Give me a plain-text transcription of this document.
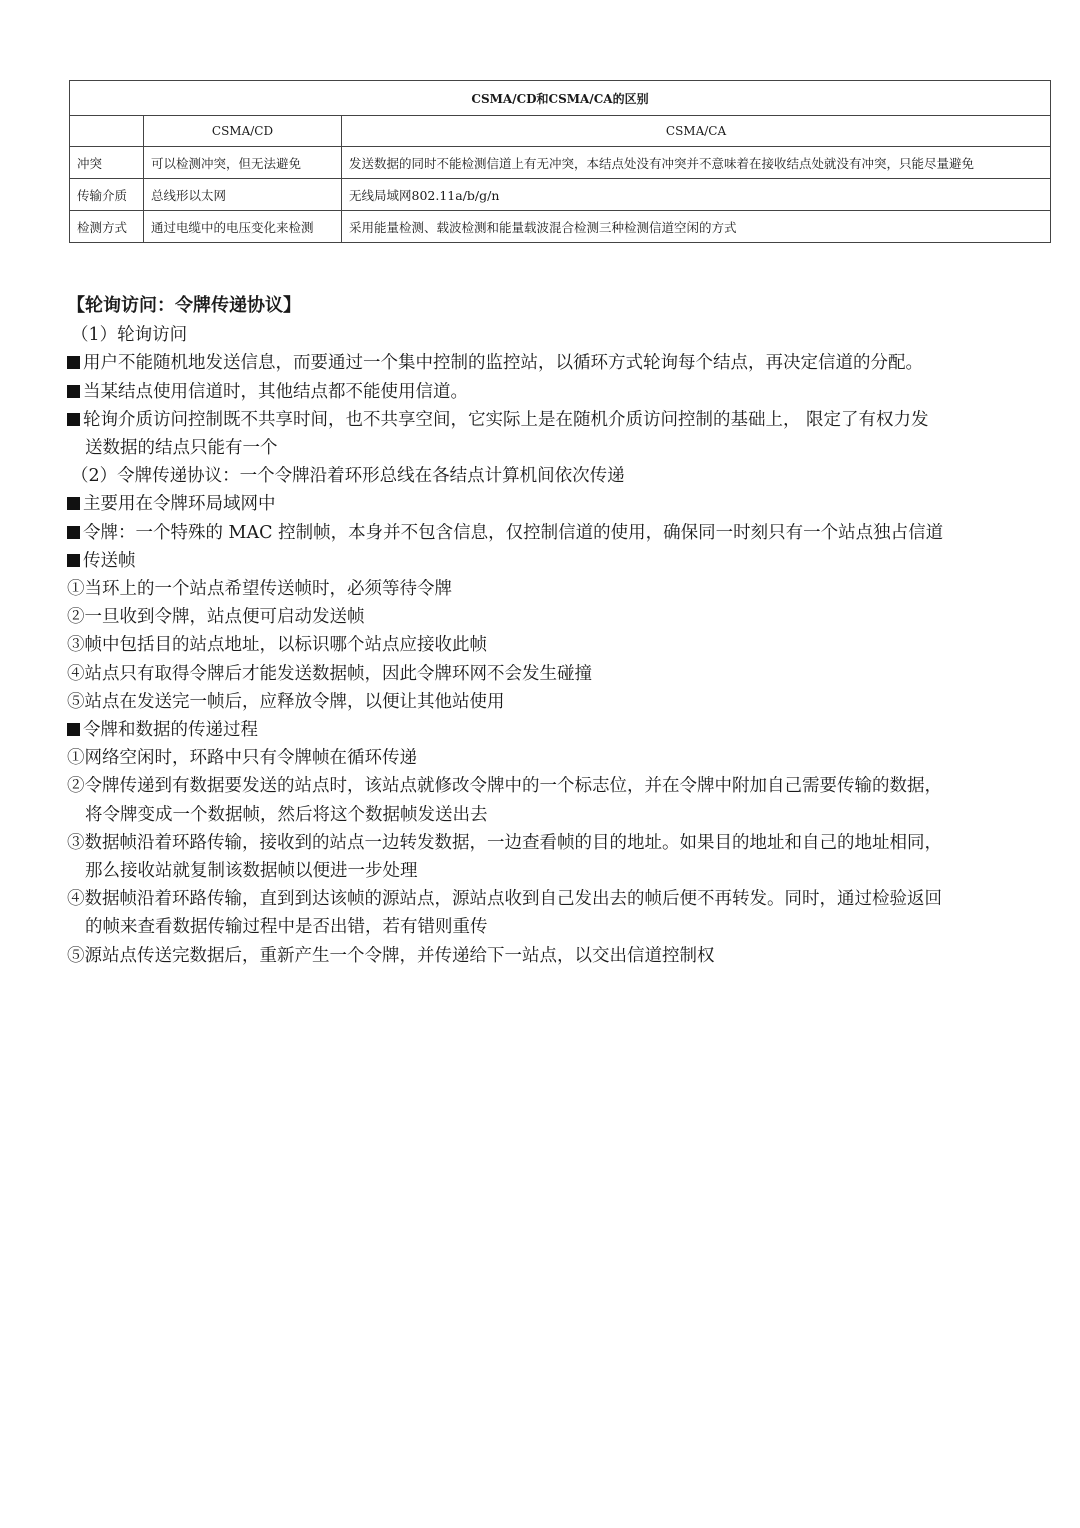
CSMA/CD和CSMA/CA的区别		
	CSMA/CD	CSMA/CA
冲突	可以检测冲突，但无法避免	发送数据的同时不能检测信道上有无冲突，本结点处没有冲突并不意味着在接收结点处就没有冲突，只能尽量避免
传输介质	总线形以太网	无线局域网802.11a/b/g/n
检测方式	通过电缆中的电压变化来检测	采用能量检测、载波检测和能量载波混合检测三种检测信道空闲的方式
【轮询访问：令牌传递协议】
（1）轮询访问
用户不能随机地发送信息，而要通过一个集中控制的监控站，以循环方式轮询每个结点，再决定信道的分配。
当某结点使用信道时，其他结点都不能使用信道。
轮询介质访问控制既不共享时间，也不共享空间，它实际上是在随机介质访问控制的基础上， 限定了有权力发
送数据的结点只能有一个
（2）令牌传递协议：一个令牌沿着环形总线在各结点计算机间依次传递
主要用在令牌环局域网中
令牌：一个特殊的 MAC 控制帧，本身并不包含信息，仅控制信道的使用，确保同一时刻只有一个站点独占信道
传送帧
①当环上的一个站点希望传送帧时，必须等待令牌
②一旦收到令牌，站点便可启动发送帧
③帧中包括目的站点地址，以标识哪个站点应接收此帧
④站点只有取得令牌后才能发送数据帧，因此令牌环网不会发生碰撞
⑤站点在发送完一帧后，应释放令牌，以便让其他站使用
令牌和数据的传递过程
①网络空闲时，环路中只有令牌帧在循环传递
②令牌传递到有数据要发送的站点时，该站点就修改令牌中的一个标志位，并在令牌中附加自己需要传输的数据，
将令牌变成一个数据帧，然后将这个数据帧发送出去
③数据帧沿着环路传输，接收到的站点一边转发数据，一边查看帧的目的地址。如果目的地址和自己的地址相同，
那么接收站就复制该数据帧以便进一步处理
④数据帧沿着环路传输，直到到达该帧的源站点，源站点收到自己发出去的帧后便不再转发。同时，通过检验返回
的帧来查看数据传输过程中是否出错，若有错则重传
⑤源站点传送完数据后，重新产生一个令牌，并传递给下一站点，以交出信道控制权
